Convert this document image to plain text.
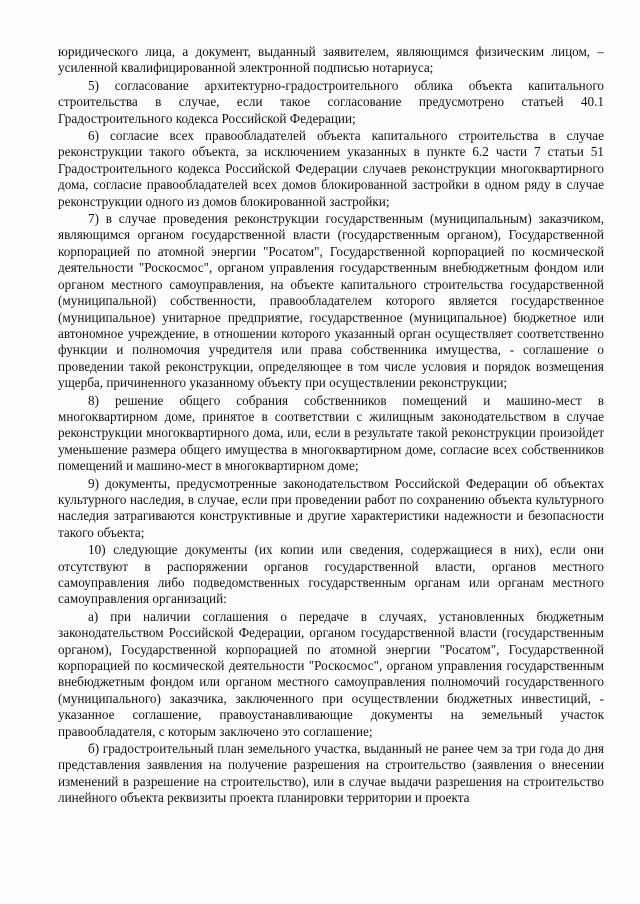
юридического лица, а документ, выданный заявителем, являющимся физическим лицом, – усиленной квалифицированной электронной подписью нотариуса;

5) согласование архитектурно-градостроительного облика объекта капитального строительства в случае, если такое согласование предусмотрено статьей 40.1 Градостроительного кодекса Российской Федерации;

6) согласие всех правообладателей объекта капитального строительства в случае реконструкции такого объекта, за исключением указанных в пункте 6.2 части 7 статьи 51 Градостроительного кодекса Российской Федерации случаев реконструкции многоквартирного дома, согласие правообладателей всех домов блокированной застройки в одном ряду в случае реконструкции одного из домов блокированной застройки;

7) в случае проведения реконструкции государственным (муниципальным) заказчиком, являющимся органом государственной власти (государственным органом), Государственной корпорацией по атомной энергии "Росатом", Государственной корпорацией по космической деятельности "Роскосмос", органом управления государственным внебюджетным фондом или органом местного самоуправления, на объекте капитального строительства государственной (муниципальной) собственности, правообладателем которого является государственное (муниципальное) унитарное предприятие, государственное (муниципальное) бюджетное или автономное учреждение, в отношении которого указанный орган осуществляет соответственно функции и полномочия учредителя или права собственника имущества, - соглашение о проведении такой реконструкции, определяющее в том числе условия и порядок возмещения ущерба, причиненного указанному объекту при осуществлении реконструкции;

8) решение общего собрания собственников помещений и машино-мест в многоквартирном доме, принятое в соответствии с жилищным законодательством в случае реконструкции многоквартирного дома, или, если в результате такой реконструкции произойдет уменьшение размера общего имущества в многоквартирном доме, согласие всех собственников помещений и машино-мест в многоквартирном доме;

9) документы, предусмотренные законодательством Российской Федерации об объектах культурного наследия, в случае, если при проведении работ по сохранению объекта культурного наследия затрагиваются конструктивные и другие характеристики надежности и безопасности такого объекта;

10) следующие документы (их копии или сведения, содержащиеся в них), если они отсутствуют в распоряжении органов государственной власти, органов местного самоуправления либо подведомственных государственным органам или органам местного самоуправления организаций:

а) при наличии соглашения о передаче в случаях, установленных бюджетным законодательством Российской Федерации, органом государственной власти (государственным органом), Государственной корпорацией по атомной энергии "Росатом", Государственной корпорацией по космической деятельности "Роскосмос", органом управления государственным внебюджетным фондом или органом местного самоуправления полномочий государственного (муниципального) заказчика, заключенного при осуществлении бюджетных инвестиций, - указанное соглашение, правоустанавливающие документы на земельный участок правообладателя, с которым заключено это соглашение;

б) градостроительный план земельного участка, выданный не ранее чем за три года до дня представления заявления на получение разрешения на строительство (заявления о внесении изменений в разрешение на строительство), или в случае выдачи разрешения на строительство линейного объекта реквизиты проекта планировки территории и проекта
